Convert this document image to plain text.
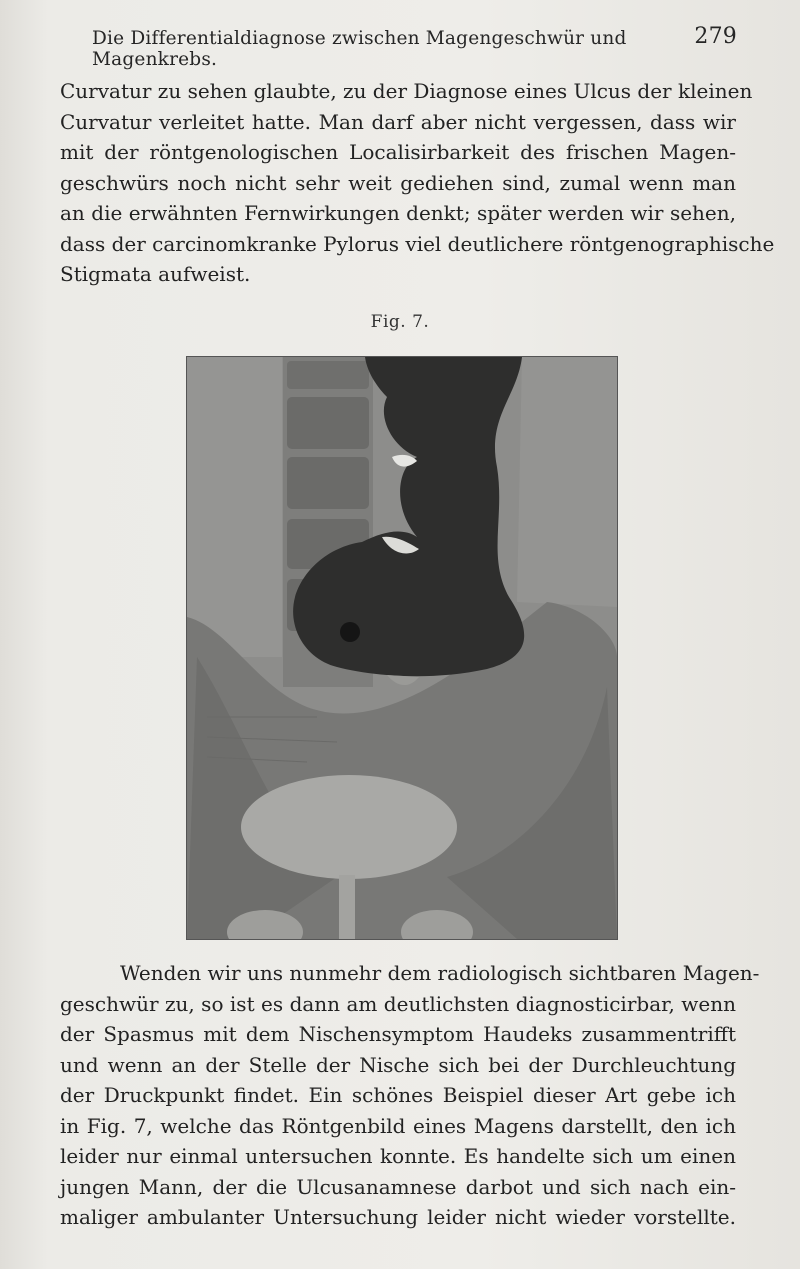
Die Differentialdiagnose zwischen Magengeschwür und Magenkrebs.
279
Curvatur zu sehen glaubte, zu der Diagnose eines Ulcus der kleinen
Curvatur verleitet hatte. Man darf aber nicht vergessen, dass wir
mit der röntgenologischen Localisirbarkeit des frischen Magen-
geschwürs noch nicht sehr weit gediehen sind, zumal wenn man
an die erwähnten Fernwirkungen denkt; später werden wir sehen,
dass der carcinomkranke Pylorus viel deutlichere röntgenographische
Stigmata aufweist.
Fig. 7.
Wenden wir uns nunmehr dem radiologisch sichtbaren Magen-
geschwür zu, so ist es dann am deutlichsten diagnosticirbar, wenn
der Spasmus mit dem Nischensymptom Haudeks zusammentrifft
und wenn an der Stelle der Nische sich bei der Durchleuchtung
der Druckpunkt findet. Ein schönes Beispiel dieser Art gebe ich
in Fig. 7, welche das Röntgenbild eines Magens darstellt, den ich
leider nur einmal untersuchen konnte. Es handelte sich um einen
jungen Mann, der die Ulcusanamnese darbot und sich nach ein-
maliger ambulanter Untersuchung leider nicht wieder vorstellte.
